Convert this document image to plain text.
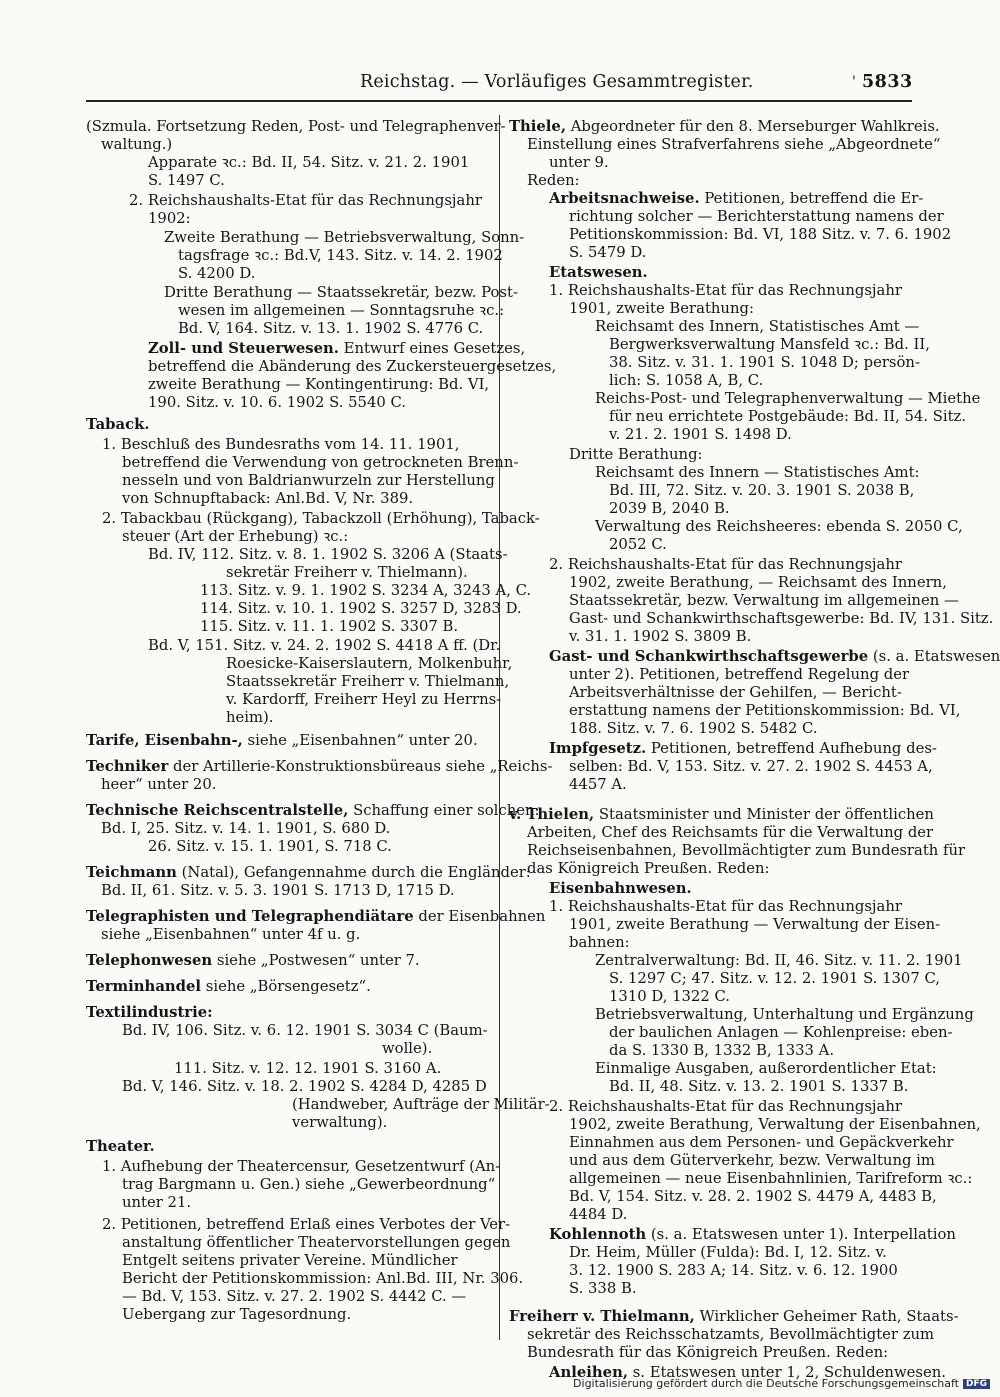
Reichstag. — Vorläufiges Gesammtregister.	' 5833
(Szmula. Fortsetzung Reden, Post- und Telegraphenver-
waltung.)
Apparate ꝛc.: Bd. II, 54. Sitz. v. 21. 2. 1901
S. 1497 C.
2. Reichshaushalts-Etat für das Rechnungsjahr
1902:
Zweite Berathung — Betriebsverwaltung, Sonn-
tagsfrage ꝛc.: Bd.V, 143. Sitz. v. 14. 2. 1902
S. 4200 D.
Dritte Berathung — Staatssekretär, bezw. Post-
wesen im allgemeinen — Sonntagsruhe ꝛc.:
Bd. V, 164. Sitz. v. 13. 1. 1902 S. 4776 C.
Zoll- und Steuerwesen. Entwurf eines Gesetzes,
betreffend die Abänderung des Zuckersteuergesetzes,
zweite Berathung — Kontingentirung: Bd. VI,
190. Sitz. v. 10. 6. 1902 S. 5540 C.
Taback.
1. Beschluß des Bundesraths vom 14. 11. 1901,
betreffend die Verwendung von getrockneten Brenn-
nesseln und von Baldrianwurzeln zur Herstellung
von Schnupftaback: Anl.Bd. V, Nr. 389.
2. Tabackbau (Rückgang), Tabackzoll (Erhöhung), Taback-
steuer (Art der Erhebung) ꝛc.:
Bd. IV, 112. Sitz. v. 8. 1. 1902 S. 3206 A (Staats-
sekretär Freiherr v. Thielmann).
113. Sitz. v. 9. 1. 1902 S. 3234 A, 3243 A, C.
114. Sitz. v. 10. 1. 1902 S. 3257 D, 3283 D.
115. Sitz. v. 11. 1. 1902 S. 3307 B.
Bd. V, 151. Sitz. v. 24. 2. 1902 S. 4418 A ff. (Dr.
Roesicke-Kaiserslautern, Molkenbuhr,
Staatssekretär Freiherr v. Thielmann,
v. Kardorff, Freiherr Heyl zu Herrns-
heim).
Tarife, Eisenbahn-, siehe „Eisenbahnen“ unter 20.
Techniker der Artillerie-Konstruktionsbüreaus siehe „Reichs-
heer“ unter 20.
Technische Reichscentralstelle, Schaffung einer solchen:
Bd. I, 25. Sitz. v. 14. 1. 1901, S. 680 D.
26. Sitz. v. 15. 1. 1901, S. 718 C.
Teichmann (Natal), Gefangennahme durch die Engländer:
Bd. II, 61. Sitz. v. 5. 3. 1901 S. 1713 D, 1715 D.
Telegraphisten und Telegraphendiätare der Eisenbahnen
siehe „Eisenbahnen“ unter 4f u. g.
Telephonwesen siehe „Postwesen“ unter 7.
Terminhandel siehe „Börsengesetz“.
Textilindustrie:
Bd. IV, 106. Sitz. v. 6. 12. 1901 S. 3034 C (Baum-
wolle).
111. Sitz. v. 12. 12. 1901 S. 3160 A.
Bd. V, 146. Sitz. v. 18. 2. 1902 S. 4284 D, 4285 D
(Handweber, Aufträge der Militär-
verwaltung).
Theater.
1. Aufhebung der Theatercensur, Gesetzentwurf (An-
trag Bargmann u. Gen.) siehe „Gewerbeordnung“
unter 21.
2. Petitionen, betreffend Erlaß eines Verbotes der Ver-
anstaltung öffentlicher Theatervorstellungen gegen
Entgelt seitens privater Vereine. Mündlicher
Bericht der Petitionskommission: Anl.Bd. III, Nr. 306.
— Bd. V, 153. Sitz. v. 27. 2. 1902 S. 4442 C. —
Uebergang zur Tagesordnung.
Thiele, Abgeordneter für den 8. Merseburger Wahlkreis.
Einstellung eines Strafverfahrens siehe „Abgeordnete“
unter 9.
Reden:
Arbeitsnachweise. Petitionen, betreffend die Er-
richtung solcher — Berichterstattung namens der
Petitionskommission: Bd. VI, 188 Sitz. v. 7. 6. 1902
S. 5479 D.
Etatswesen.
1. Reichshaushalts-Etat für das Rechnungsjahr
1901, zweite Berathung:
Reichsamt des Innern, Statistisches Amt —
Bergwerksverwaltung Mansfeld ꝛc.: Bd. II,
38. Sitz. v. 31. 1. 1901 S. 1048 D; persön-
lich: S. 1058 A, B, C.
Reichs-Post- und Telegraphenverwaltung — Miethe
für neu errichtete Postgebäude: Bd. II, 54. Sitz.
v. 21. 2. 1901 S. 1498 D.
Dritte Berathung:
Reichsamt des Innern — Statistisches Amt:
Bd. III, 72. Sitz. v. 20. 3. 1901 S. 2038 B,
2039 B, 2040 B.
Verwaltung des Reichsheeres: ebenda S. 2050 C,
2052 C.
2. Reichshaushalts-Etat für das Rechnungsjahr
1902, zweite Berathung, — Reichsamt des Innern,
Staatssekretär, bezw. Verwaltung im allgemeinen —
Gast- und Schankwirthschaftsgewerbe: Bd. IV, 131. Sitz.
v. 31. 1. 1902 S. 3809 B.
Gast- und Schankwirthschaftsgewerbe (s. a. Etatswesen
unter 2). Petitionen, betreffend Regelung der
Arbeitsverhältnisse der Gehilfen, — Bericht-
erstattung namens der Petitionskommission: Bd. VI,
188. Sitz. v. 7. 6. 1902 S. 5482 C.
Impfgesetz. Petitionen, betreffend Aufhebung des-
selben: Bd. V, 153. Sitz. v. 27. 2. 1902 S. 4453 A,
4457 A.
v. Thielen, Staatsminister und Minister der öffentlichen
Arbeiten, Chef des Reichsamts für die Verwaltung der
Reichseisenbahnen, Bevollmächtigter zum Bundesrath für
das Königreich Preußen. Reden:
Eisenbahnwesen.
1. Reichshaushalts-Etat für das Rechnungsjahr
1901, zweite Berathung — Verwaltung der Eisen-
bahnen:
Zentralverwaltung: Bd. II, 46. Sitz. v. 11. 2. 1901
S. 1297 C; 47. Sitz. v. 12. 2. 1901 S. 1307 C,
1310 D, 1322 C.
Betriebsverwaltung, Unterhaltung und Ergänzung
der baulichen Anlagen — Kohlenpreise: eben-
da S. 1330 B, 1332 B, 1333 A.
Einmalige Ausgaben, außerordentlicher Etat:
Bd. II, 48. Sitz. v. 13. 2. 1901 S. 1337 B.
2. Reichshaushalts-Etat für das Rechnungsjahr
1902, zweite Berathung, Verwaltung der Eisenbahnen,
Einnahmen aus dem Personen- und Gepäckverkehr
und aus dem Güterverkehr, bezw. Verwaltung im
allgemeinen — neue Eisenbahnlinien, Tarifreform ꝛc.:
Bd. V, 154. Sitz. v. 28. 2. 1902 S. 4479 A, 4483 B,
4484 D.
Kohlennoth (s. a. Etatswesen unter 1). Interpellation
Dr. Heim, Müller (Fulda): Bd. I, 12. Sitz. v.
3. 12. 1900 S. 283 A; 14. Sitz. v. 6. 12. 1900
S. 338 B.
Freiherr v. Thielmann, Wirklicher Geheimer Rath, Staats-
sekretär des Reichsschatzamts, Bevollmächtigter zum
Bundesrath für das Königreich Preußen. Reden:
Anleihen, s. Etatswesen unter 1, 2, Schuldenwesen.
Digitalisierung gefördert durch die Deutsche Forschungsgemeinschaft DFG
